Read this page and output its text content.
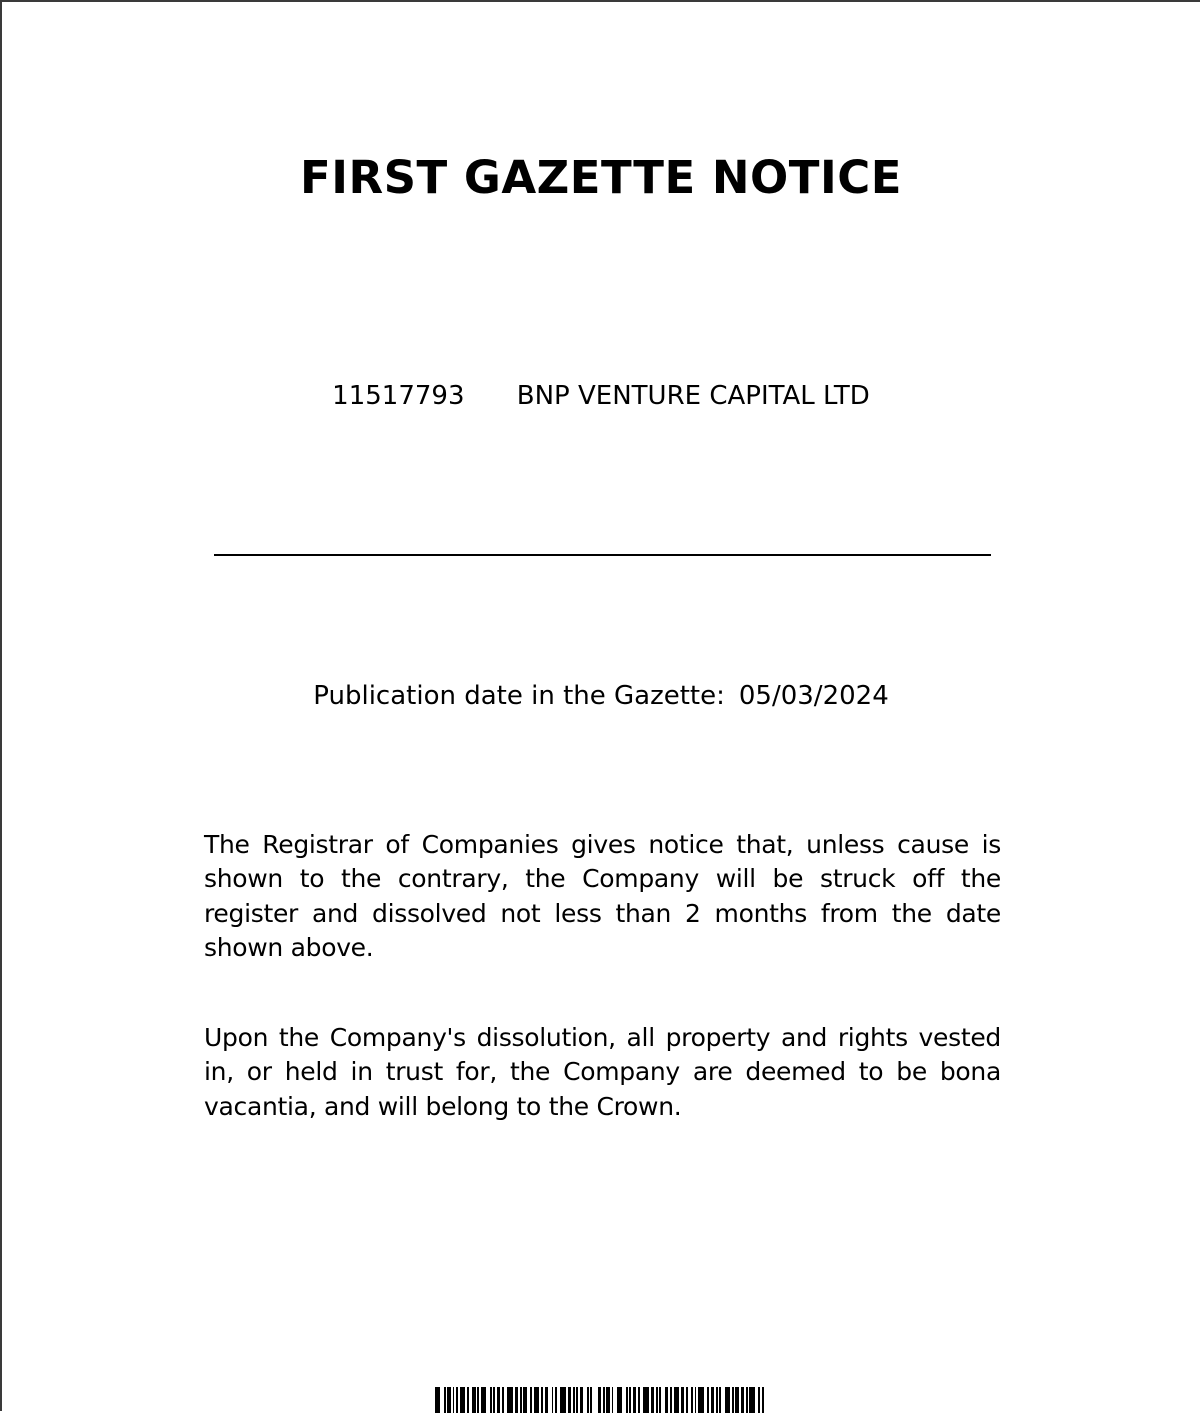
FIRST GAZETTE NOTICE
11517793 BNP VENTURE CAPITAL LTD
Publication date in the Gazette: 05/03/2024
The Registrar of Companies gives notice that, unless cause is shown to the contrary, the Company will be struck off the register and dissolved not less than 2 months from the date shown above.
Upon the Company's dissolution, all property and rights vested in, or held in trust for, the Company are deemed to be bona vacantia, and will belong to the Crown.
